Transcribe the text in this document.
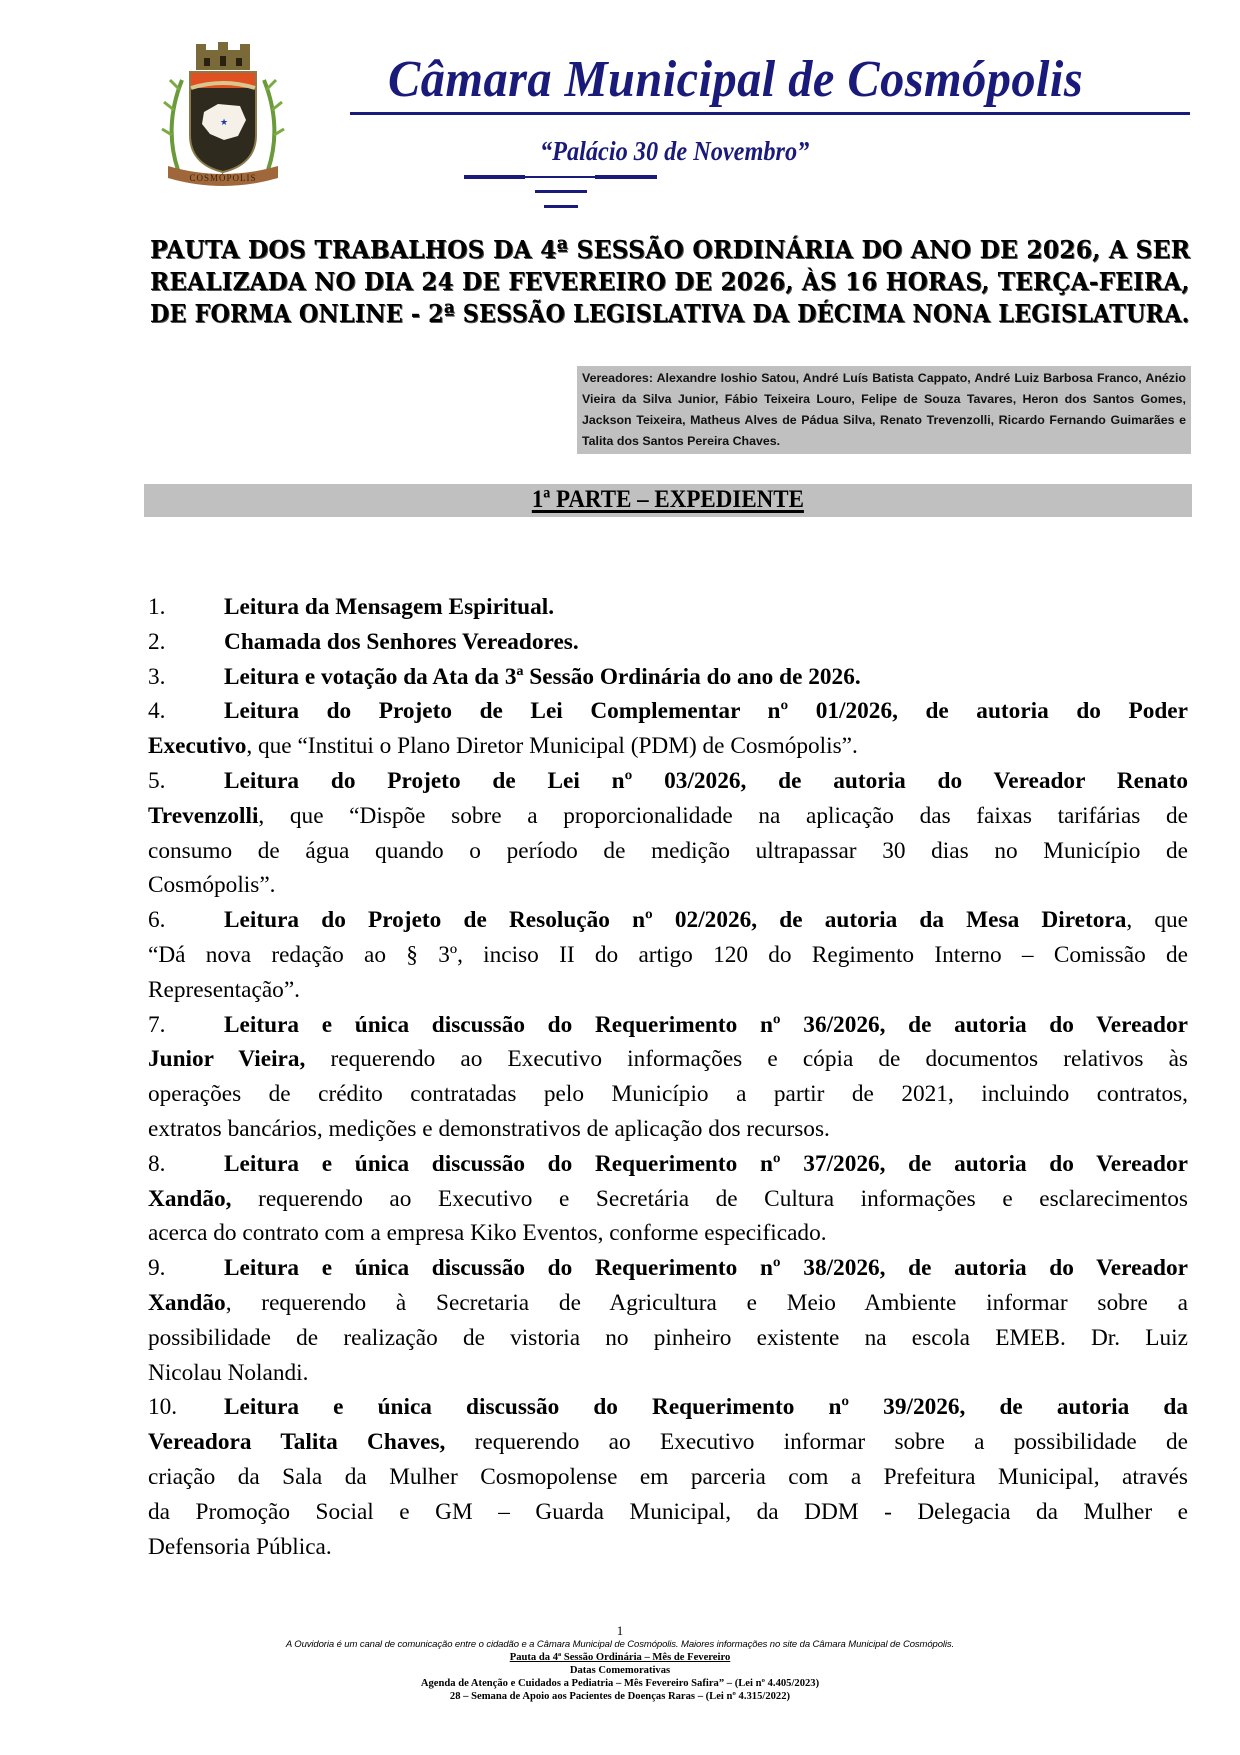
★
COSMÓPOLIS
Câmara Municipal de Cosmópolis
“Palácio 30 de Novembro”
PAUTA DOS TRABALHOS DA 4ª SESSÃO ORDINÁRIA DO ANO DE 2026, A SER
REALIZADA NO DIA 24 DE FEVEREIRO DE 2026, ÀS 16 HORAS, TERÇA-FEIRA,
DE FORMA ONLINE - 2ª SESSÃO LEGISLATIVA DA DÉCIMA NONA LEGISLATURA.
Vereadores: Alexandre Ioshio Satou, André Luís Batista Cappato, André Luiz Barbosa Franco, Anézio Vieira da Silva Junior, Fábio Teixeira Louro, Felipe de Souza Tavares, Heron dos Santos Gomes, Jackson Teixeira, Matheus Alves de Pádua Silva, Renato Trevenzolli, Ricardo Fernando Guimarães e Talita dos Santos Pereira Chaves.
1ª PARTE – EXPEDIENTE
1.	Leitura da Mensagem Espiritual.
2.	Chamada dos Senhores Vereadores.
3.	Leitura e votação da Ata da 3ª Sessão Ordinária do ano de 2026.
4.	Leitura do Projeto de Lei Complementar nº 01/2026, de autoria do Poder
Executivo, que “Institui o Plano Diretor Municipal (PDM) de Cosmópolis”.
5.	Leitura do Projeto de Lei nº 03/2026, de autoria do Vereador Renato
Trevenzolli, que “Dispõe sobre a proporcionalidade na aplicação das faixas tarifárias de
consumo de água quando o período de medição ultrapassar 30 dias no Município de
Cosmópolis”.
6.	Leitura do Projeto de Resolução nº 02/2026, de autoria da Mesa Diretora, que
“Dá nova redação ao § 3º, inciso II do artigo 120 do Regimento Interno – Comissão de
Representação”.
7.	Leitura e única discussão do Requerimento nº 36/2026, de autoria do Vereador
Junior Vieira, requerendo ao Executivo informações e cópia de documentos relativos às
operações de crédito contratadas pelo Município a partir de 2021, incluindo contratos,
extratos bancários, medições e demonstrativos de aplicação dos recursos.
8.	Leitura e única discussão do Requerimento nº 37/2026, de autoria do Vereador
Xandão, requerendo ao Executivo e Secretária de Cultura informações e esclarecimentos
acerca do contrato com a empresa Kiko Eventos, conforme especificado.
9.	Leitura e única discussão do Requerimento nº 38/2026, de autoria do Vereador
Xandão, requerendo à Secretaria de Agricultura e Meio Ambiente informar sobre a
possibilidade de realização de vistoria no pinheiro existente na escola EMEB. Dr. Luiz
Nicolau Nolandi.
10. Leitura e única discussão do Requerimento nº 39/2026, de autoria da
Vereadora Talita Chaves, requerendo ao Executivo informar sobre a possibilidade de
criação da Sala da Mulher Cosmopolense em parceria com a Prefeitura Municipal, através
da Promoção Social e GM – Guarda Municipal, da DDM - Delegacia da Mulher e
Defensoria Pública.
1
A Ouvidoria é um canal de comunicação entre o cidadão e a Câmara Municipal de Cosmópolis. Maiores informações no site da Câmara Municipal de Cosmópolis.
Pauta da 4ª Sessão Ordinária – Mês de Fevereiro
Datas Comemorativas
Agenda de Atenção e Cuidados a Pediatria – Mês Fevereiro Safira” – (Lei nº 4.405/2023)
28 – Semana de Apoio aos Pacientes de Doenças Raras – (Lei nº 4.315/2022)
